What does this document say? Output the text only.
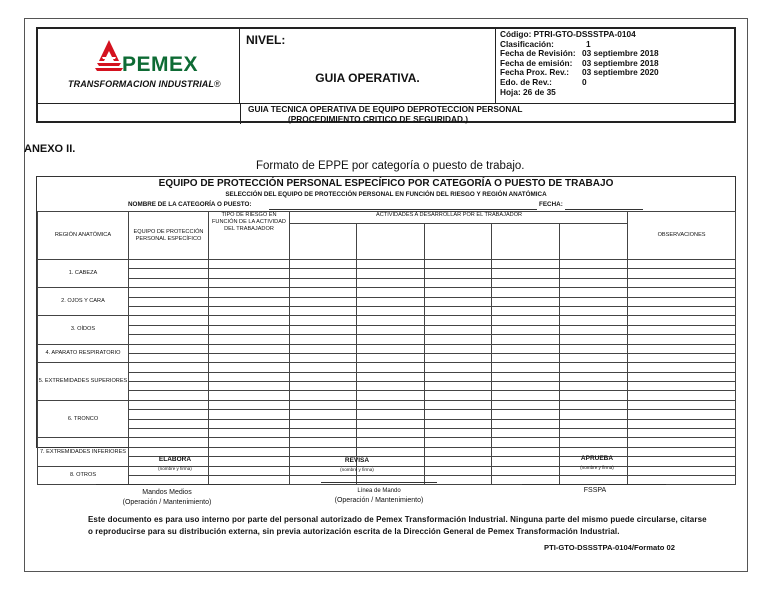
PEMEX
TRANSFORMACION INDUSTRIAL®
NIVEL:
GUIA OPERATIVA.
Código: PTRI-GTO-DSSSTPA-0104
Clasificación:	1
Fecha de Revisión: 03 septiembre 2018
Fecha de emisión:	03 septiembre 2018
Fecha Prox. Rev.:	03 septiembre 2020
Edo. de Rev.:	0
Hoja: 26 de 35
GUIA TECNICA OPERATIVA DE EQUIPO DEPROTECCION PERSONAL
(PROCEDIMIENTO CRITICO DE SEGURIDAD.)
ANEXO II.
Formato de EPPE por categoría o puesto de trabajo.
EQUIPO DE PROTECCIÓN PERSONAL ESPECÍFICO POR CATEGORÍA O PUESTO DE TRABAJO
SELECCIÓN DEL EQUIPO DE PROTECCIÓN PERSONAL EN FUNCIÓN DEL RIESGO Y REGIÓN ANATÓMICA
NOMBRE DE LA CATEGORÍA O PUESTO:	FECHA:
REGIÓN ANATÓMICA	EQUIPO DE PROTECCIÓN PERSONAL ESPECÍFICO	TIPO DE RIESGO EN FUNCIÓN DE LA ACTIVIDAD DEL TRABAJADOR	ACTIVIDADES A DESARROLLAR POR EL TRABAJADOR					OBSERVACIONES

1. CABEZA								

2. OJOS Y CARA								

3. OÍDOS								

4. APARATO RESPIRATORIO								

5. EXTREMIDADES SUPERIORES								

6. TRONCO								

7. EXTREMIDADES INFERIORES								

8. OTROS								

ELABORA
(nombre y firma)
REVISA
(nombre y firma)
APRUEBA
(nombre y firma)
Mandos Medios
(Operación / Mantenimiento)
Línea de Mando
(Operación / Mantenimiento)
FSSPA
Este documento es para uso interno por parte del personal autorizado de Pemex Transformación Industrial. Ninguna parte del mismo puede circularse, citarse o reproducirse para su distribución externa, sin previa autorización escrita de la Dirección General de Pemex Transformación Industrial.
PTI-GTO-DSSSTPA-0104/Formato 02
